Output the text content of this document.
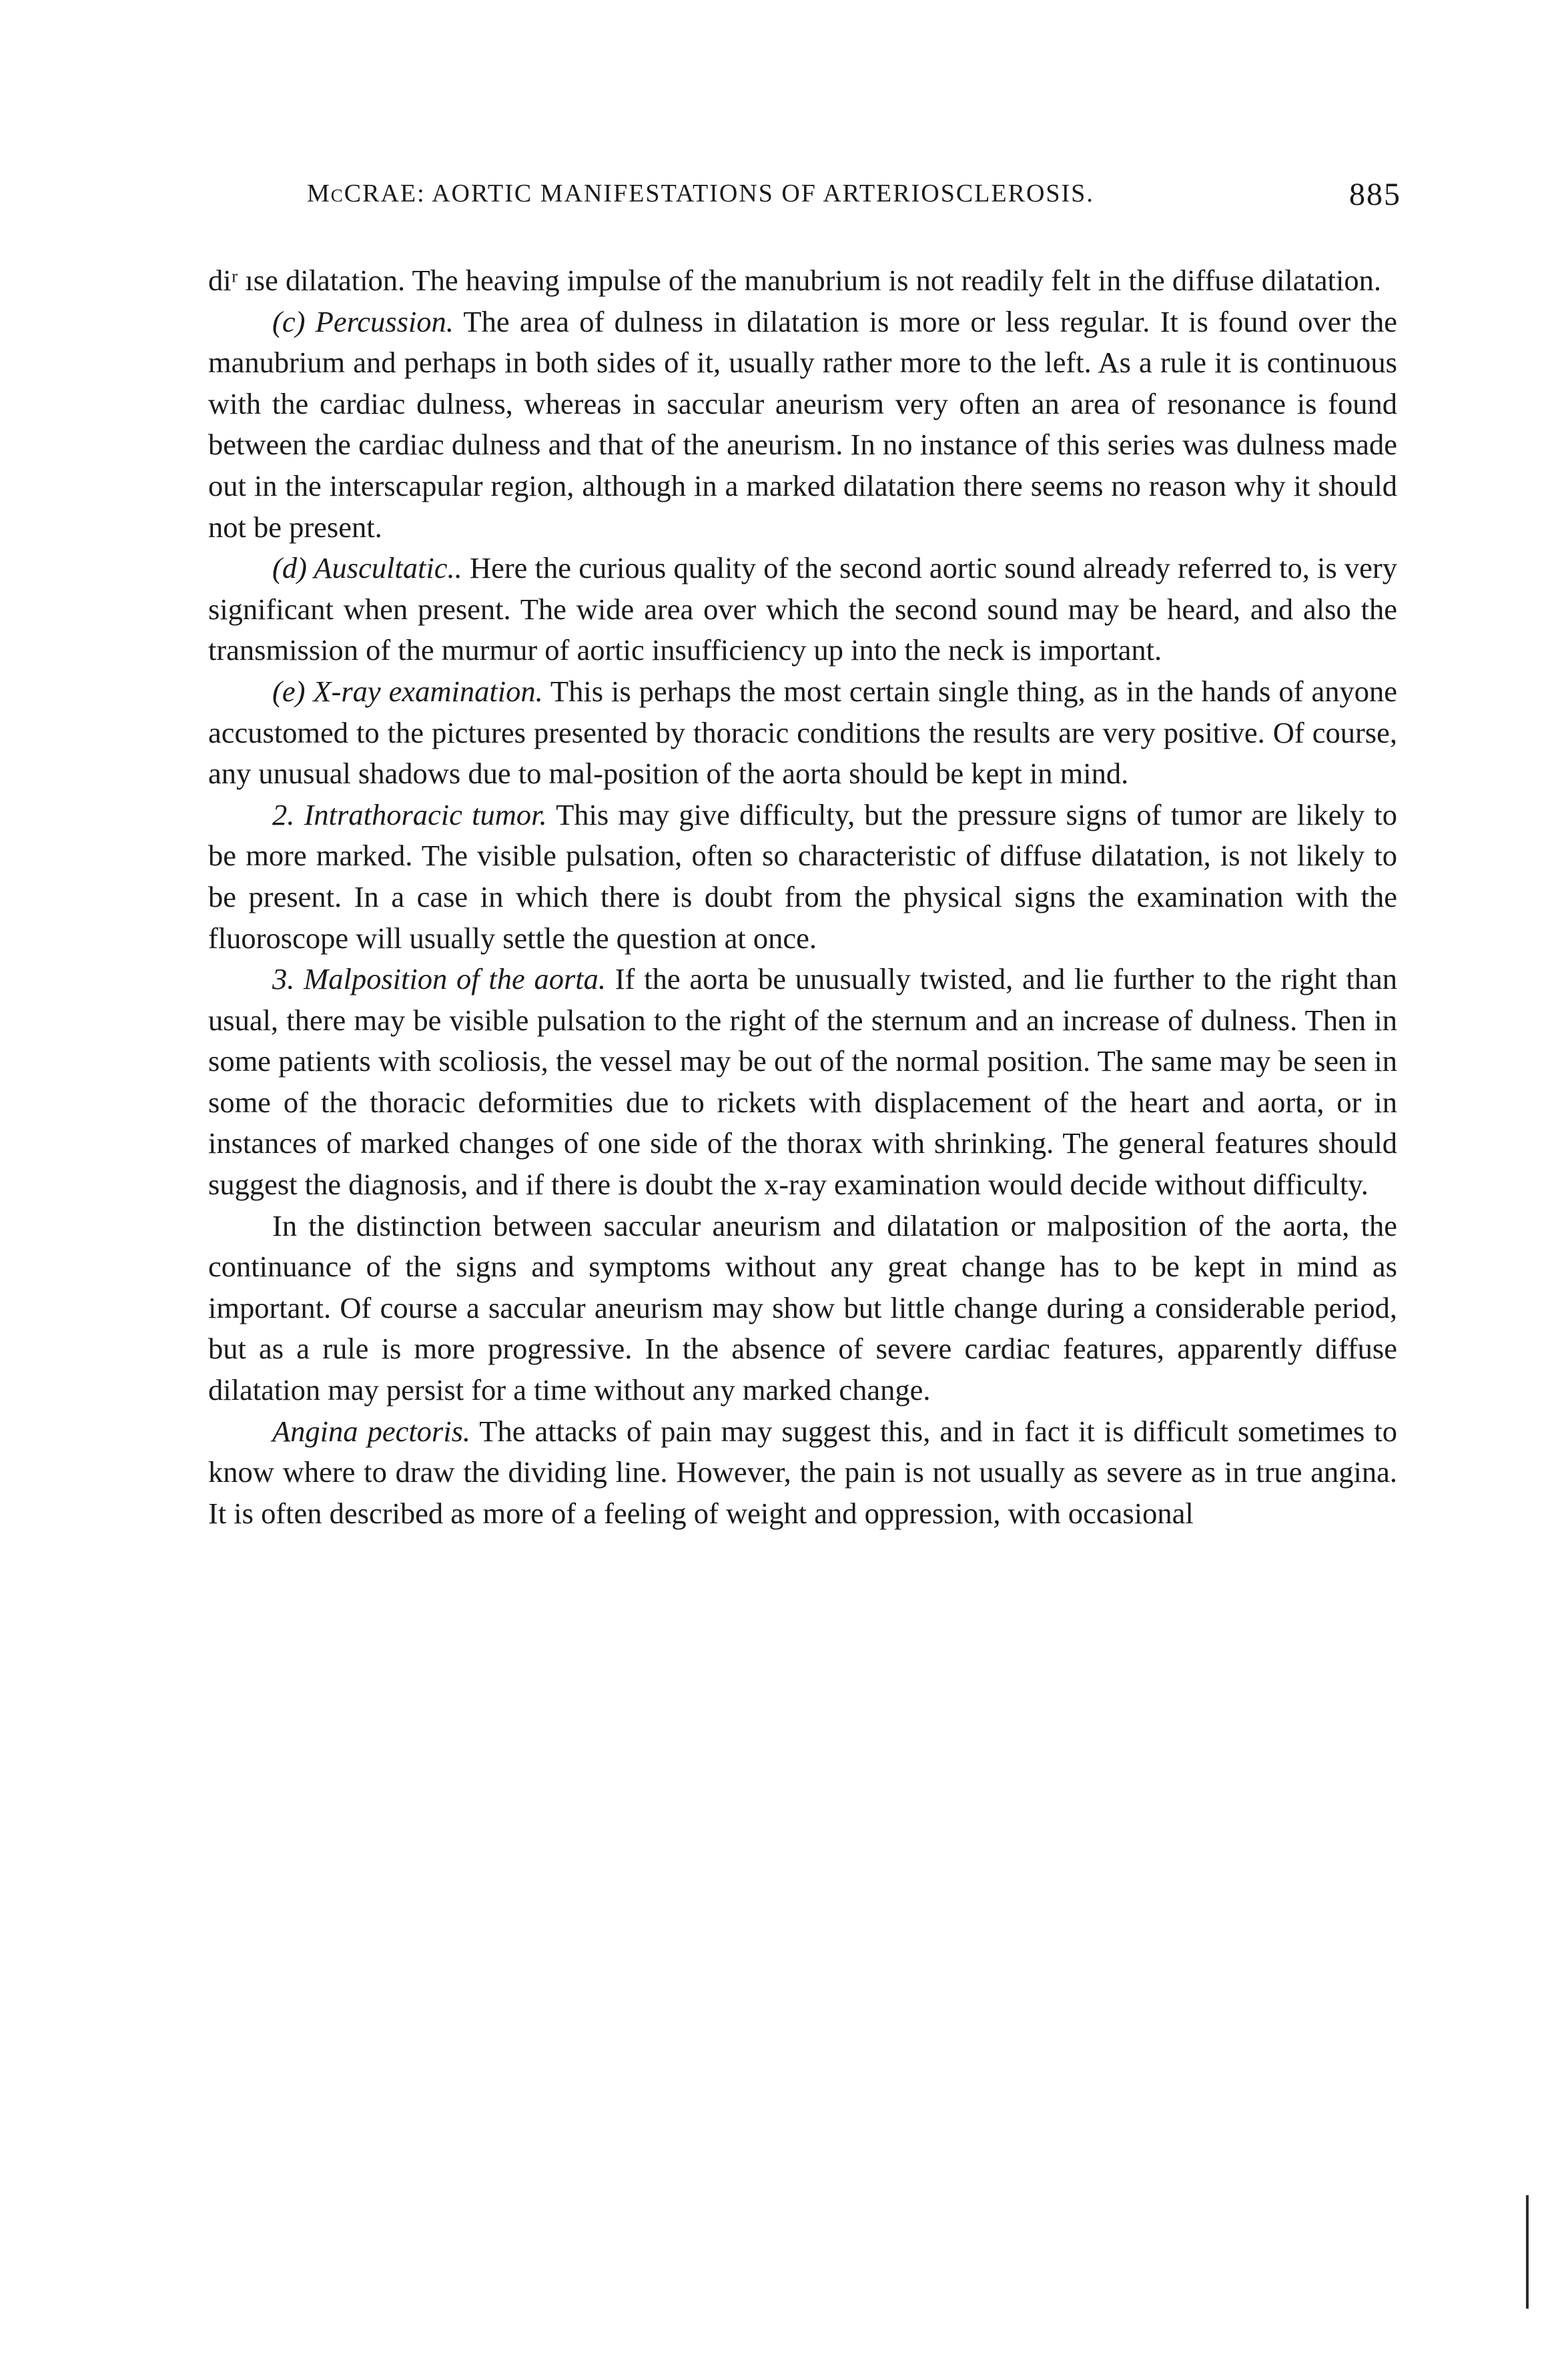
McCRAE: AORTIC MANIFESTATIONS OF ARTERIOSCLEROSIS.	885

diʳ ıse dilatation. The heaving impulse of the manubrium is not readily felt in the diffuse dilatation.

(c) Percussion. The area of dulness in dilatation is more or less regular. It is found over the manubrium and perhaps in both sides of it, usually rather more to the left. As a rule it is continuous with the cardiac dulness, whereas in saccular aneurism very often an area of resonance is found between the cardiac dulness and that of the aneurism. In no instance of this series was dulness made out in the interscapular region, although in a marked dilatation there seems no reason why it should not be present.

(d) Auscultatic.. Here the curious quality of the second aortic sound already referred to, is very significant when present. The wide area over which the second sound may be heard, and also the transmission of the murmur of aortic insufficiency up into the neck is important.

(e) X-ray examination. This is perhaps the most certain single thing, as in the hands of anyone accustomed to the pictures presented by thoracic conditions the results are very positive. Of course, any unusual shadows due to mal-position of the aorta should be kept in mind.

2. Intrathoracic tumor. This may give difficulty, but the pressure signs of tumor are likely to be more marked. The visible pulsation, often so characteristic of diffuse dilatation, is not likely to be present. In a case in which there is doubt from the physical signs the examination with the fluoroscope will usually settle the question at once.

3. Malposition of the aorta. If the aorta be unusually twisted, and lie further to the right than usual, there may be visible pulsation to the right of the sternum and an increase of dulness. Then in some patients with scoliosis, the vessel may be out of the normal position. The same may be seen in some of the thoracic deformities due to rickets with displacement of the heart and aorta, or in instances of marked changes of one side of the thorax with shrinking. The general features should suggest the diagnosis, and if there is doubt the x-ray examination would decide without difficulty.

In the distinction between saccular aneurism and dilatation or malposition of the aorta, the continuance of the signs and symptoms without any great change has to be kept in mind as important. Of course a saccular aneurism may show but little change during a considerable period, but as a rule is more progressive. In the absence of severe cardiac features, apparently diffuse dilatation may persist for a time without any marked change.

Angina pectoris. The attacks of pain may suggest this, and in fact it is difficult sometimes to know where to draw the dividing line. However, the pain is not usually as severe as in true angina. It is often described as more of a feeling of weight and oppression, with occasional
